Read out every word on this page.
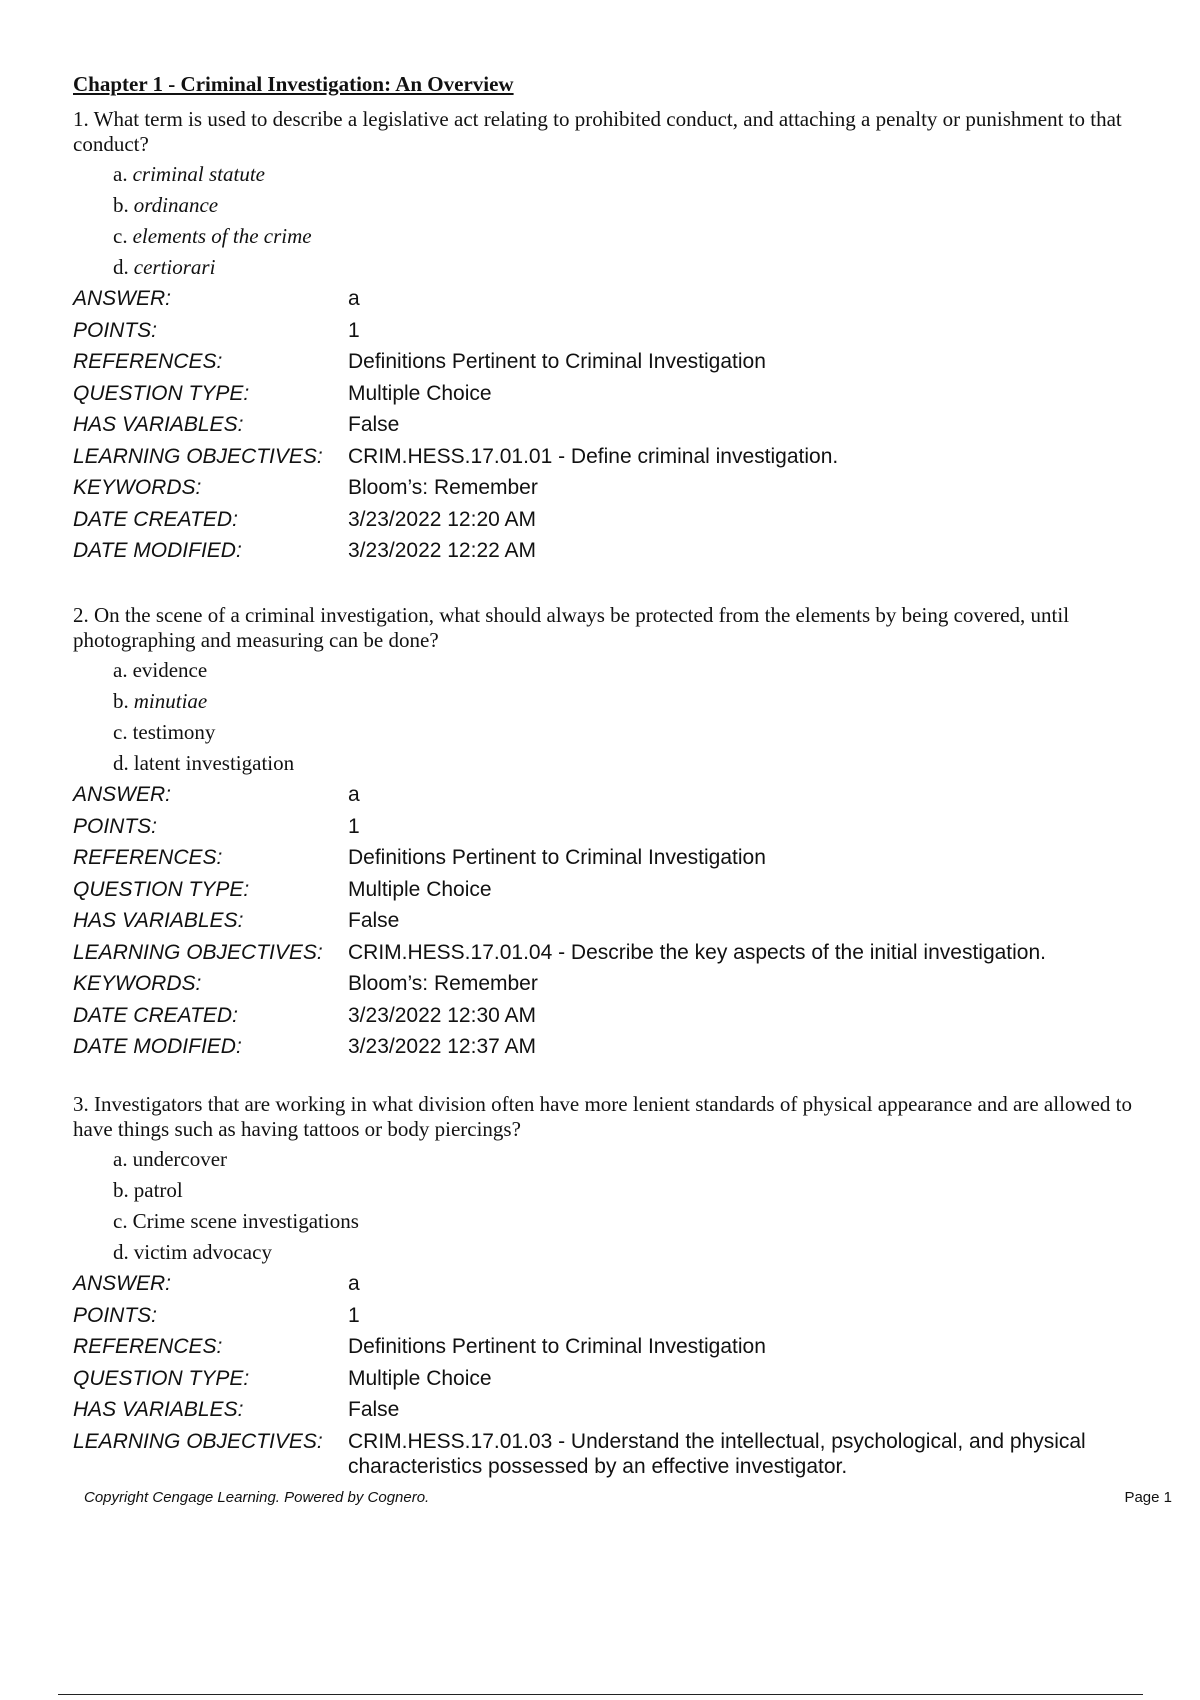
Chapter 1 - Criminal Investigation: An Overview

1. What term is used to describe a legislative act relating to prohibited conduct, and attaching a penalty or punishment to that conduct?

a. criminal statute
b. ordinance
c. elements of the crime
d. certiorari
ANSWER:	a
POINTS:	1
REFERENCES:	Definitions Pertinent to Criminal Investigation
QUESTION TYPE:	Multiple Choice
HAS VARIABLES:	False
LEARNING OBJECTIVES:	CRIM.HESS.17.01.01 - Define criminal investigation.
KEYWORDS:	Bloom’s: Remember
DATE CREATED:	3/23/2022 12:20 AM
DATE MODIFIED:	3/23/2022 12:22 AM

2. On the scene of a criminal investigation, what should always be protected from the elements by being covered, until photographing and measuring can be done?

a. evidence
b. minutiae
c. testimony
d. latent investigation
ANSWER:	a
POINTS:	1
REFERENCES:	Definitions Pertinent to Criminal Investigation
QUESTION TYPE:	Multiple Choice
HAS VARIABLES:	False
LEARNING OBJECTIVES:	CRIM.HESS.17.01.04 - Describe the key aspects of the initial investigation.
KEYWORDS:	Bloom’s: Remember
DATE CREATED:	3/23/2022 12:30 AM
DATE MODIFIED:	3/23/2022 12:37 AM

3. Investigators that are working in what division often have more lenient standards of physical appearance and are allowed to have things such as having tattoos or body piercings?

a. undercover
b. patrol
c. Crime scene investigations
d. victim advocacy
ANSWER:	a
POINTS:	1
REFERENCES:	Definitions Pertinent to Criminal Investigation
QUESTION TYPE:	Multiple Choice
HAS VARIABLES:	False
LEARNING OBJECTIVES:	CRIM.HESS.17.01.03 - Understand the intellectual, psychological, and physical characteristics possessed by an effective investigator.
Copyright Cengage Learning. Powered by Cognero.	Page 1
